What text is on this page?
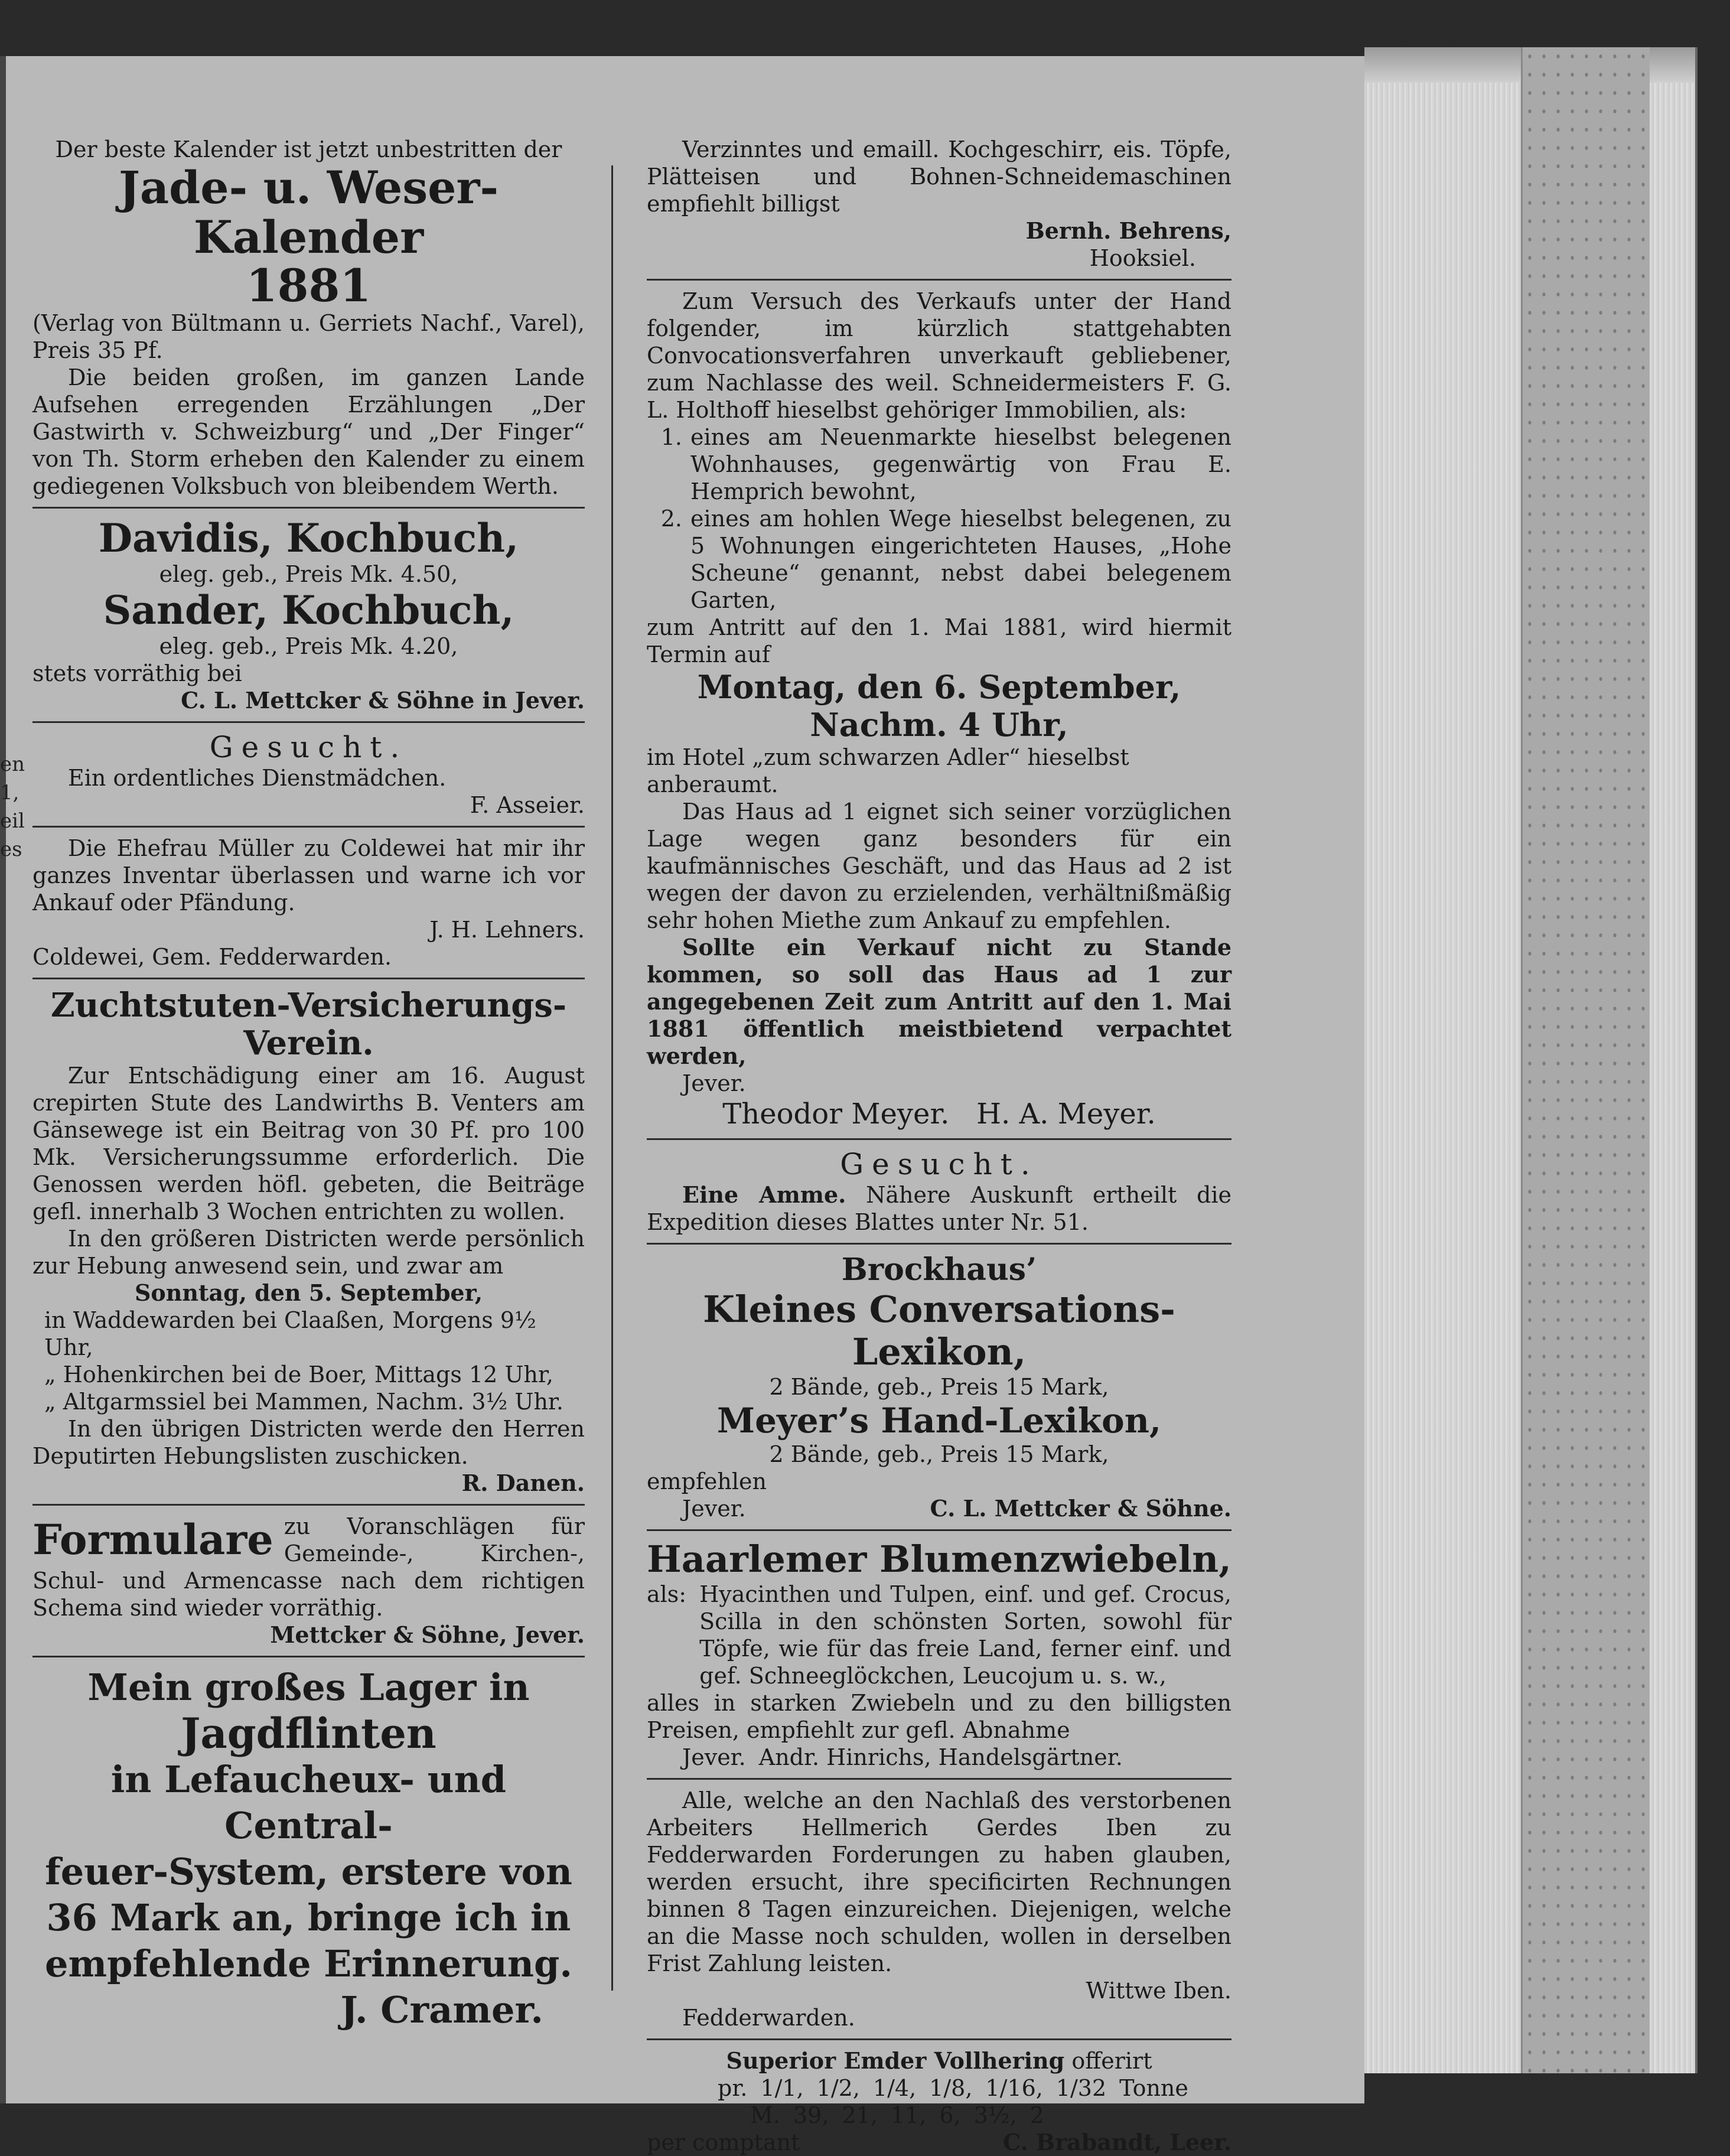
en
1,
eil
es
Der beste Kalender ist jetzt unbestritten der
Jade- u. Weser-Kalender
1881
(Verlag von Bültmann u. Gerriets Nachf., Varel), Preis 35 Pf.
Die beiden großen, im ganzen Lande Aufsehen erregenden Erzählungen „Der Gastwirth v. Schweizburg“ und „Der Finger“ von Th. Storm erheben den Kalender zu einem gediegenen Volksbuch von bleibendem Werth.
Davidis, Kochbuch,
eleg. geb., Preis Mk. 4.50,
Sander, Kochbuch,
eleg. geb., Preis Mk. 4.20,
stets vorräthig bei
C. L. Mettcker & Söhne in Jever.
Gesucht.
Ein ordentliches Dienstmädchen.
F. Asseier.
Die Ehefrau Müller zu Coldewei hat mir ihr ganzes Inventar überlassen und warne ich vor Ankauf oder Pfändung.
J. H. Lehners.
Coldewei, Gem. Fedderwarden.
Zuchtstuten-Versicherungs-
Verein.
Zur Entschädigung einer am 16. August crepirten Stute des Landwirths B. Venters am Gänsewege ist ein Beitrag von 30 Pf. pro 100 Mk. Versicherungssumme erforderlich. Die Genossen werden höfl. gebeten, die Beiträge gefl. innerhalb 3 Wochen entrichten zu wollen.
In den größeren Districten werde persönlich zur Hebung anwesend sein, und zwar am
Sonntag, den 5. September,
in Waddewarden bei Claaßen, Morgens 9½ Uhr,
„ Hohenkirchen bei de Boer, Mittags 12 Uhr,
„ Altgarmssiel bei Mammen, Nachm. 3½ Uhr.
In den übrigen Districten werde den Herren Deputirten Hebungslisten zuschicken.
R. Danen.
Formulare zu Voranschlägen für Gemeinde-, Kirchen-, Schul- und Armencasse nach dem richtigen Schema sind wieder vorräthig.
Mettcker & Söhne, Jever.
Mein großes Lager in
Jagdflinten
in Lefaucheux- und Central-
feuer-System, erstere von
36 Mark an, bringe ich in
empfehlende Erinnerung.
J. Cramer.
Verzinntes und emaill. Kochgeschirr, eis. Töpfe, Plätteisen und Bohnen-Schneidemaschinen empfiehlt billigst
Bernh. Behrens,
Hooksiel.
Zum Versuch des Verkaufs unter der Hand folgender, im kürzlich stattgehabten Convocationsverfahren unverkauft gebliebener, zum Nachlasse des weil. Schneidermeisters F. G. L. Holthoff hieselbst gehöriger Immobilien, als:
1. eines am Neuenmarkte hieselbst belegenen Wohnhauses, gegenwärtig von Frau E. Hemprich bewohnt,
2. eines am hohlen Wege hieselbst belegenen, zu 5 Wohnungen eingerichteten Hauses, „Hohe Scheune“ genannt, nebst dabei belegenem Garten,
zum Antritt auf den 1. Mai 1881, wird hiermit Termin auf
Montag, den 6. September,
Nachm. 4 Uhr,
im Hotel „zum schwarzen Adler“ hieselbst anberaumt.
Das Haus ad 1 eignet sich seiner vorzüglichen Lage wegen ganz besonders für ein kaufmännisches Geschäft, und das Haus ad 2 ist wegen der davon zu erzielenden, verhältnißmäßig sehr hohen Miethe zum Ankauf zu empfehlen.
Sollte ein Verkauf nicht zu Stande kommen, so soll das Haus ad 1 zur angegebenen Zeit zum Antritt auf den 1. Mai 1881 öffentlich meistbietend verpachtet werden,
Jever.
Theodor Meyer.   H. A. Meyer.
Gesucht.
Eine Amme. Nähere Auskunft ertheilt die Expedition dieses Blattes unter Nr. 51.
Brockhaus’
Kleines Conversations-Lexikon,
2 Bände, geb., Preis 15 Mark,
Meyer’s Hand-Lexikon,
2 Bände, geb., Preis 15 Mark,
empfehlen
Jever.	C. L. Mettcker & Söhne.
Haarlemer Blumenzwiebeln,
als: Hyacinthen und Tulpen, einf. und gef. Crocus, Scilla in den schönsten Sorten, sowohl für Töpfe, wie für das freie Land, ferner einf. und gef. Schneeglöckchen, Leucojum u. s. w.,
alles in starken Zwiebeln und zu den billigsten Preisen, empfiehlt zur gefl. Abnahme
Jever. Andr. Hinrichs, Handelsgärtner.
Alle, welche an den Nachlaß des verstorbenen Arbeiters Hellmerich Gerdes Iben zu Fedderwarden Forderungen zu haben glauben, werden ersucht, ihre specificirten Rechnungen binnen 8 Tagen einzureichen. Diejenigen, welche an die Masse noch schulden, wollen in derselben Frist Zahlung leisten.
Wittwe Iben.
Fedderwarden.
Superior Emder Vollhering offerirt
pr. 1/1, 1/2, 1/4, 1/8, 1/16, 1/32 Tonne
M. 39, 21, 11, 6, 3½, 2
per comptant	C. Brabandt, Leer.
